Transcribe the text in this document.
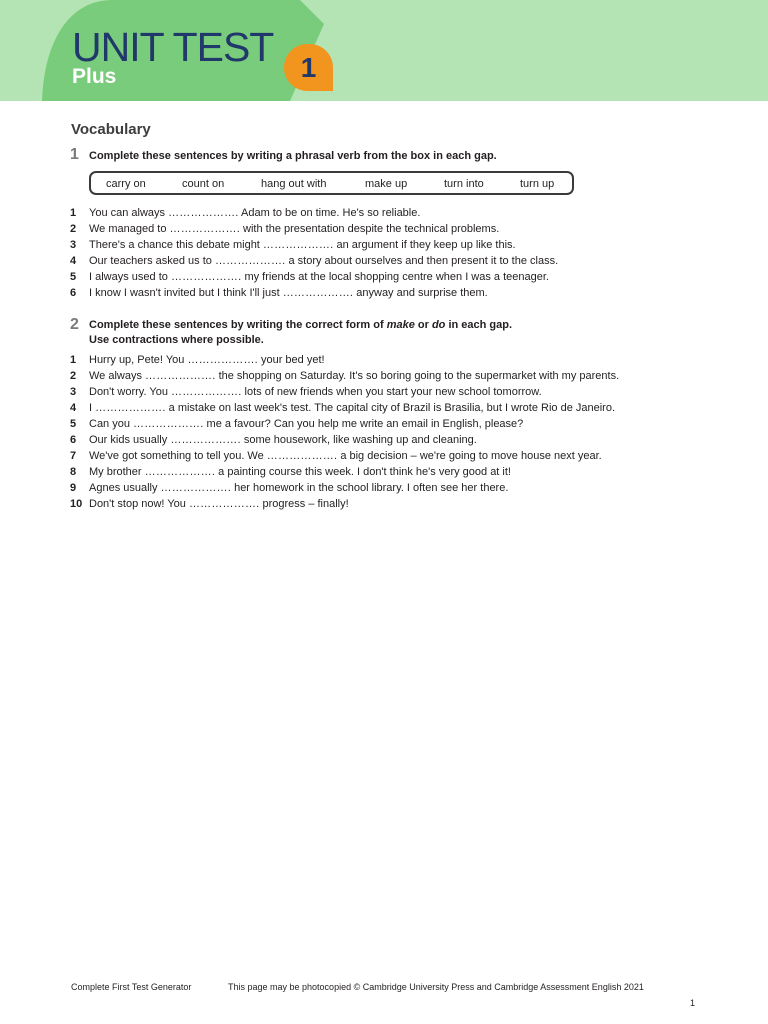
UNIT TEST
Plus	1
Vocabulary
1 Complete these sentences by writing a phrasal verb from the box in each gap.
carry on	count on	hang out with	make up	turn into	turn up
1 You can always ………………. Adam to be on time. He's so reliable.
2 We managed to ………………. with the presentation despite the technical problems.
3 There's a chance this debate might ………………. an argument if they keep up like this.
4 Our teachers asked us to ………………. a story about ourselves and then present it to the class.
5 I always used to ………………. my friends at the local shopping centre when I was a teenager.
6 I know I wasn't invited but I think I'll just ………………. anyway and surprise them.
2 Complete these sentences by writing the correct form of make or do in each gap.
Use contractions where possible.
1 Hurry up, Pete! You ………………. your bed yet!
2 We always ………………. the shopping on Saturday. It's so boring going to the supermarket with my parents.
3 Don't worry. You ………………. lots of new friends when you start your new school tomorrow.
4 I ………………. a mistake on last week's test. The capital city of Brazil is Brasilia, but I wrote Rio de Janeiro.
5 Can you ………………. me a favour? Can you help me write an email in English, please?
6 Our kids usually ………………. some housework, like washing up and cleaning.
7 We've got something to tell you. We ………………. a big decision – we're going to move house next year.
8 My brother ………………. a painting course this week. I don't think he's very good at it!
9 Agnes usually ………………. her homework in the school library. I often see her there.
10 Don't stop now! You ………………. progress – finally!
Complete First Test Generator	This page may be photocopied © Cambridge University Press and Cambridge Assessment English 2021
1
